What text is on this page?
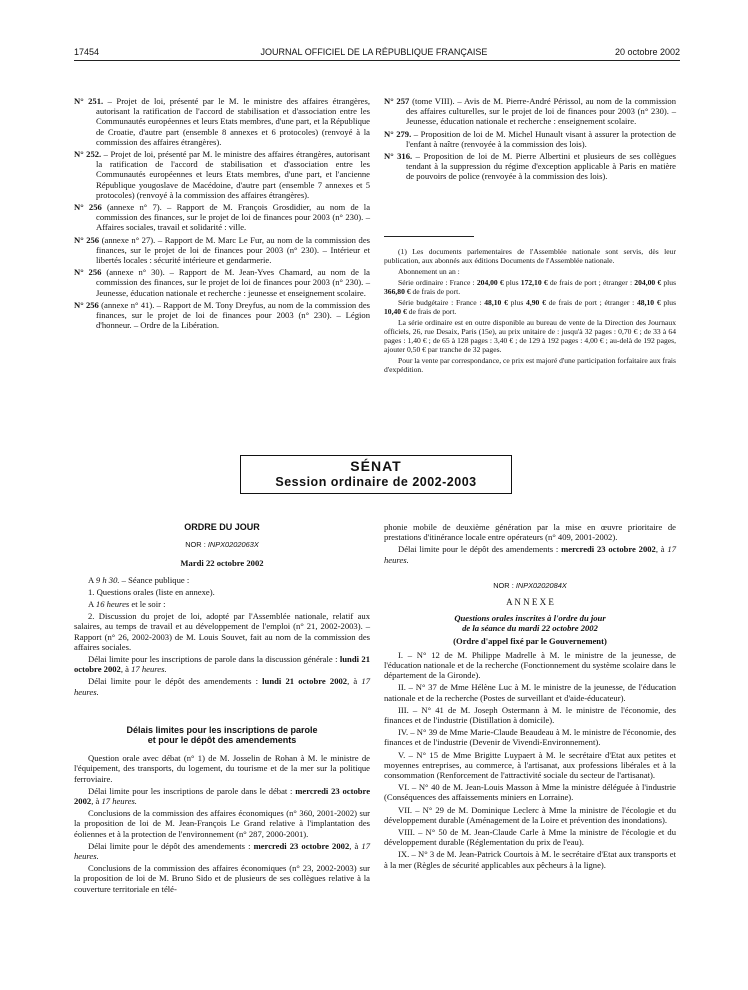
17454	JOURNAL OFFICIEL DE LA RÉPUBLIQUE FRANÇAISE	20 octobre 2002

N° 251. – Projet de loi, présenté par le M. le ministre des affaires étrangères, autorisant la ratification de l'accord de stabilisation et d'association entre les Communautés européennes et leurs Etats membres, d'une part, et la République de Croatie, d'autre part (ensemble 8 annexes et 6 protocoles) (renvoyé à la commission des affaires étrangères).

N° 252. – Projet de loi, présenté par M. le ministre des affaires étrangères, autorisant la ratification de l'accord de stabilisation et d'association entre les Communautés européennes et leurs Etats membres, d'une part, et l'ancienne République yougoslave de Macédoine, d'autre part (ensemble 7 annexes et 5 protocoles) (renvoyé à la commission des affaires étrangères).

N° 256 (annexe n° 7). – Rapport de M. François Grosdidier, au nom de la commission des finances, sur le projet de loi de finances pour 2003 (n° 230). – Affaires sociales, travail et solidarité : ville.

N° 256 (annexe n° 27). – Rapport de M. Marc Le Fur, au nom de la commission des finances, sur le projet de loi de finances pour 2003 (n° 230). – Intérieur et libertés locales : sécurité intérieure et gendarmerie.

N° 256 (annexe n° 30). – Rapport de M. Jean-Yves Chamard, au nom de la commission des finances, sur le projet de loi de finances pour 2003 (n° 230). – Jeunesse, éducation nationale et recherche : jeunesse et enseignement scolaire.

N° 256 (annexe n° 41). – Rapport de M. Tony Dreyfus, au nom de la commission des finances, sur le projet de loi de finances pour 2003 (n° 230). – Légion d'honneur. – Ordre de la Libération.

N° 257 (tome VIII). – Avis de M. Pierre-André Périssol, au nom de la commission des affaires culturelles, sur le projet de loi de finances pour 2003 (n° 230). – Jeunesse, éducation nationale et recherche : enseignement scolaire.

N° 279. – Proposition de loi de M. Michel Hunault visant à assurer la protection de l'enfant à naître (renvoyée à la commission des lois).

N° 316. – Proposition de loi de M. Pierre Albertini et plusieurs de ses collègues tendant à la suppression du régime d'exception applicable à Paris en matière de pouvoirs de police (renvoyée à la commission des lois).

(1) Les documents parlementaires de l'Assemblée nationale sont servis, dès leur publication, aux abonnés aux éditions Documents de l'Assemblée nationale.

Abonnement un an :

Série ordinaire : France : 204,00 € plus 172,10 € de frais de port ; étranger : 204,00 € plus 366,80 € de frais de port.

Série budgétaire : France : 48,10 € plus 4,90 € de frais de port ; étranger : 48,10 € plus 10,40 € de frais de port.

La série ordinaire est en outre disponible au bureau de vente de la Direction des Journaux officiels, 26, rue Desaix, Paris (15e), au prix unitaire de : jusqu'à 32 pages : 0,70 € ; de 33 à 64 pages : 1,40 € ; de 65 à 128 pages : 3,40 € ; de 129 à 192 pages : 4,00 € ; au-delà de 192 pages, ajouter 0,50 € par tranche de 32 pages.

Pour la vente par correspondance, ce prix est majoré d'une participation forfaitaire aux frais d'expédition.

SÉNAT
Session ordinaire de 2002-2003

ORDRE DU JOUR

NOR : INPX0202063X

Mardi 22 octobre 2002

A 9 h 30. – Séance publique :

1. Questions orales (liste en annexe).

A 16 heures et le soir :

2. Discussion du projet de loi, adopté par l'Assemblée nationale, relatif aux salaires, au temps de travail et au développement de l'emploi (n° 21, 2002-2003). – Rapport (n° 26, 2002-2003) de M. Louis Souvet, fait au nom de la commission des affaires sociales.

Délai limite pour les inscriptions de parole dans la discussion générale : lundi 21 octobre 2002, à 17 heures.

Délai limite pour le dépôt des amendements : lundi 21 octobre 2002, à 17 heures.

Délais limites pour les inscriptions de parole

et pour le dépôt des amendements

Question orale avec débat (n° 1) de M. Josselin de Rohan à M. le ministre de l'équipement, des transports, du logement, du tourisme et de la mer sur la politique ferroviaire.

Délai limite pour les inscriptions de parole dans le débat : mercredi 23 octobre 2002, à 17 heures.

Conclusions de la commission des affaires économiques (n° 360, 2001-2002) sur la proposition de loi de M. Jean-François Le Grand relative à l'implantation des éoliennes et à la protection de l'environnement (n° 287, 2000-2001).

Délai limite pour le dépôt des amendements : mercredi 23 octobre 2002, à 17 heures.

Conclusions de la commission des affaires économiques (n° 23, 2002-2003) sur la proposition de loi de M. Bruno Sido et de plusieurs de ses collègues relative à la couverture territoriale en télé-

phonie mobile de deuxième génération par la mise en œuvre prioritaire de prestations d'itinérance locale entre opérateurs (n° 409, 2001-2002).

Délai limite pour le dépôt des amendements : mercredi 23 octobre 2002, à 17 heures.

NOR : INPX0202084X

A N N E X E

Questions orales inscrites à l'ordre du jour

de la séance du mardi 22 octobre 2002

(Ordre d'appel fixé par le Gouvernement)

I. – N° 12 de M. Philippe Madrelle à M. le ministre de la jeunesse, de l'éducation nationale et de la recherche (Fonctionnement du système scolaire dans le département de la Gironde).

II. – N° 37 de Mme Hélène Luc à M. le ministre de la jeunesse, de l'éducation nationale et de la recherche (Postes de surveillant et d'aide-éducateur).

III. – N° 41 de M. Joseph Ostermann à M. le ministre de l'économie, des finances et de l'industrie (Distillation à domicile).

IV. – N° 39 de Mme Marie-Claude Beaudeau à M. le ministre de l'économie, des finances et de l'industrie (Devenir de Vivendi-Environnement).

V. – N° 15 de Mme Brigitte Luypaert à M. le secrétaire d'Etat aux petites et moyennes entreprises, au commerce, à l'artisanat, aux professions libérales et à la consommation (Renforcement de l'attractivité sociale du secteur de l'artisanat).

VI. – N° 40 de M. Jean-Louis Masson à Mme la ministre déléguée à l'industrie (Conséquences des affaissements miniers en Lorraine).

VII. – N° 29 de M. Dominique Leclerc à Mme la ministre de l'écologie et du développement durable (Aménagement de la Loire et prévention des inondations).

VIII. – N° 50 de M. Jean-Claude Carle à Mme la ministre de l'écologie et du développement durable (Réglementation du prix de l'eau).

IX. – N° 3 de M. Jean-Patrick Courtois à M. le secrétaire d'Etat aux transports et à la mer (Règles de sécurité applicables aux pêcheurs à la ligne).
